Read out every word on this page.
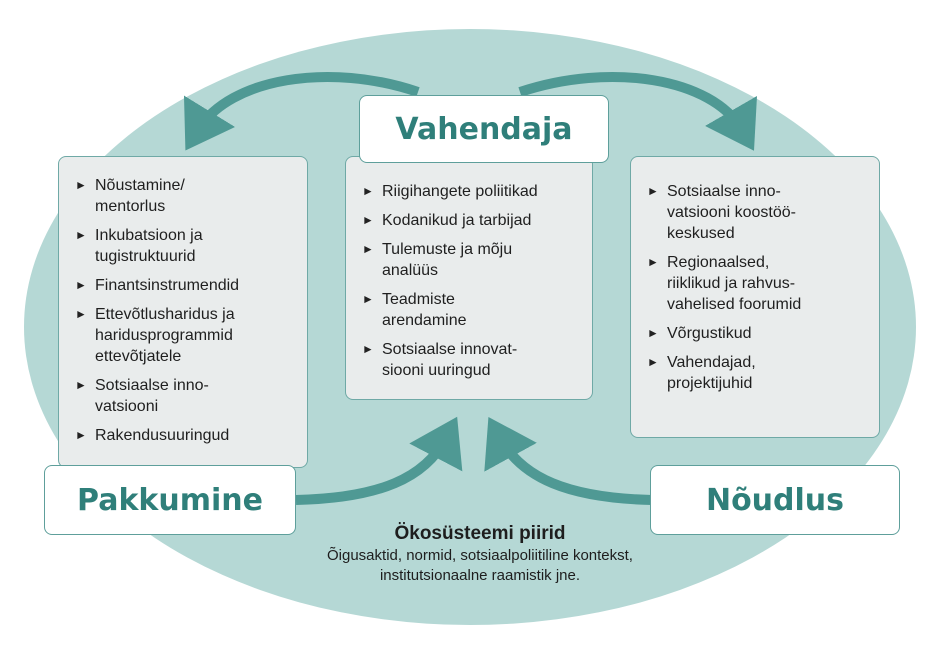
► Nõustamine/
mentorlus
► Inkubatsioon ja
tugistruktuurid
► Finantsinstrumendid
► Ettevõtlusharidus ja
haridusprogrammid
ettevõtjatele
► Sotsiaalse inno-
vatsiooni
► Rakendusuuringud
► Riigihangete poliitikad
► Kodanikud ja tarbijad
► Tulemuste ja mõju
analüüs
► Teadmiste
arendamine
► Sotsiaalse innovat-
siooni uuringud
► Sotsiaalse inno-
vatsiooni koostöö-
keskused
► Regionaalsed,
riiklikud ja rahvus-
vahelised foorumid
► Võrgustikud
► Vahendajad,
projektijuhid
Vahendaja
Pakkumine	Nõudlus
Ökosüsteemi piirid
Õigusaktid, normid, sotsiaalpoliitiline kontekst,
institutsionaalne raamistik jne.
